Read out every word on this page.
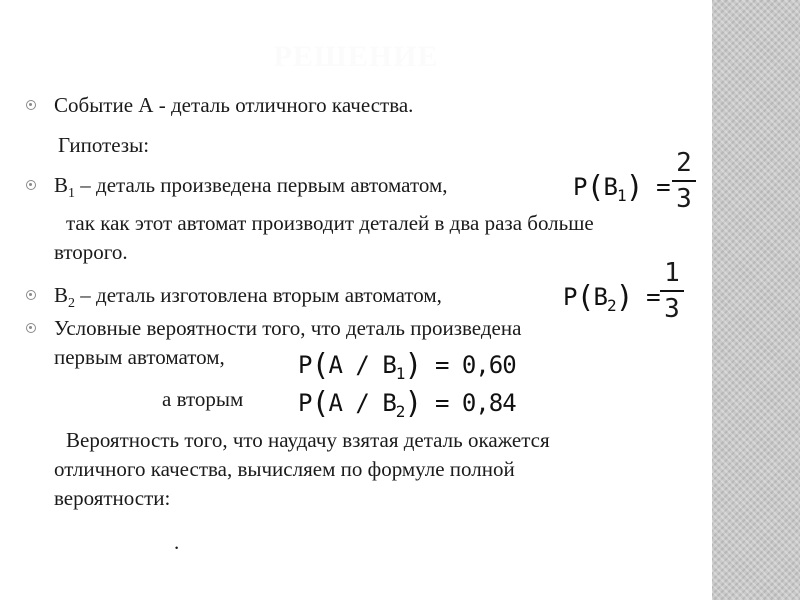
РЕШЕНИЕ
Событие А - деталь отличного качества.
Гипотезы:
$В_1$ – деталь произведена первым автоматом,	$P(B_1)$ =
2
3
так как этот автомат производит деталей в два раза больше
второго.
$В_2$ – деталь изготовлена вторым автоматом,	$P(B_2)$ =
1
3
Условные вероятности того, что деталь произведена
первым автоматом,	$P(A / B_1) = 0,60$
а вторым $P(A / B_2) = 0,84$
Вероятность того, что наудачу взятая деталь окажется
отличного качества, вычисляем по формуле полной
вероятности:
.
